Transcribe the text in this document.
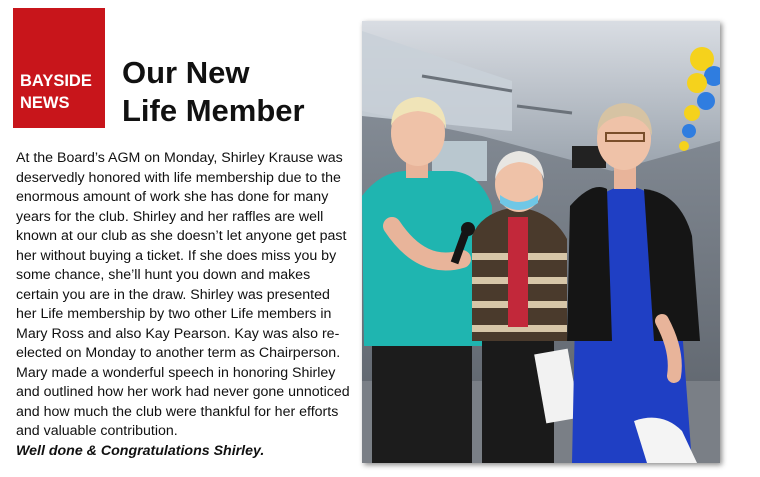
BAYSIDE
NEWS
Our New
Life Member

At the Board’s AGM on Monday, Shirley Krause was deservedly honored with life membership due to the enormous amount of work she has done for many years for the club. Shirley and her raffles are well known at our club as she doesn’t let anyone get past her without buying a ticket. If she does miss you by some chance, she’ll hunt you down and makes certain you are in the draw. Shirley was presented her Life membership by two other Life members in Mary Ross and also Kay Pearson. Kay was also re-elected on Monday to another term as Chairperson.

Mary made a wonderful speech in honoring Shirley and outlined how her work had never gone unnoticed and how much the club were thankful for her efforts and valuable contribution.

Well done & Congratulations Shirley.
